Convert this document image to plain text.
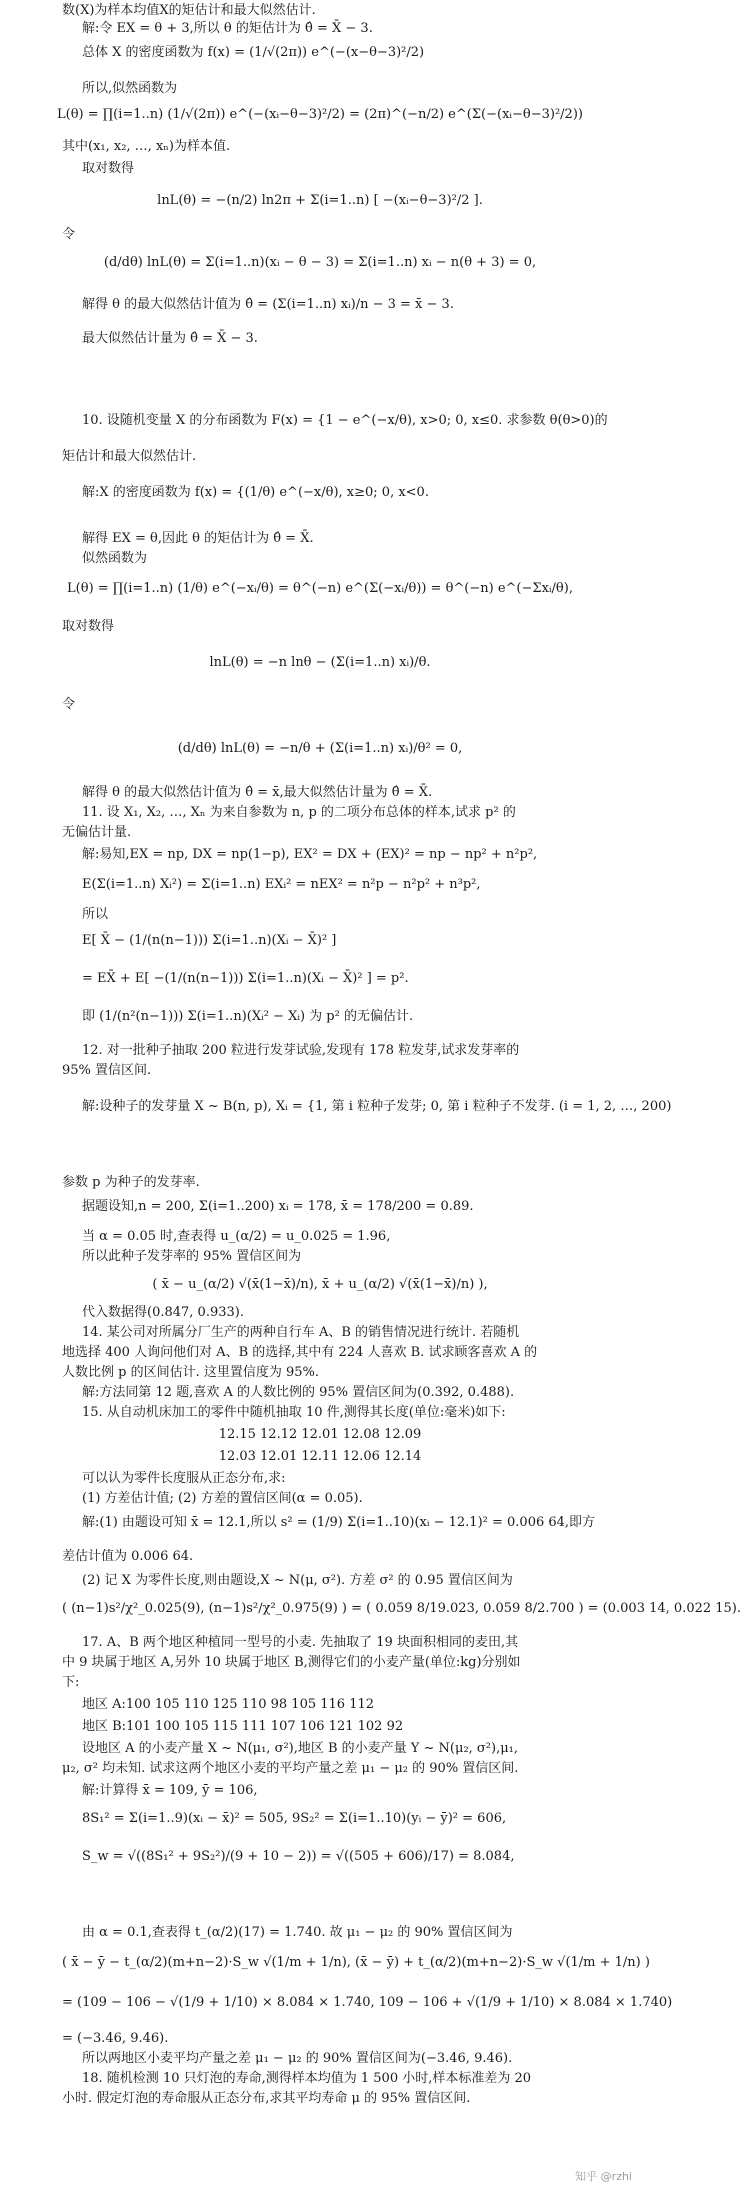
数(X)为样本均值X的矩估计和最大似然估计.
解:令 EX = θ + 3,所以 θ 的矩估计为 θ̂ = X̄ − 3.
总体 X 的密度函数为 f(x) = (1/√(2π)) e^(−(x−θ−3)²/2)
所以,似然函数为
L(θ) = ∏(i=1..n) (1/√(2π)) e^(−(xᵢ−θ−3)²/2) = (2π)^(−n/2) e^(Σ(−(xᵢ−θ−3)²/2))
其中(x₁, x₂, …, xₙ)为样本值.
取对数得
lnL(θ) = −(n/2) ln2π + Σ(i=1..n) [ −(xᵢ−θ−3)²/2 ].
令
(d/dθ) lnL(θ) = Σ(i=1..n)(xᵢ − θ − 3) = Σ(i=1..n) xᵢ − n(θ + 3) = 0,
解得 θ 的最大似然估计值为 θ̂ = (Σ(i=1..n) xᵢ)/n − 3 = x̄ − 3.
最大似然估计量为 θ̂ = X̄ − 3.
10. 设随机变量 X 的分布函数为 F(x) = {1 − e^(−x/θ), x>0; 0, x≤0. 求参数 θ(θ>0)的
矩估计和最大似然估计.
解:X 的密度函数为 f(x) = {(1/θ) e^(−x/θ), x≥0; 0, x<0.
解得 EX = θ,因此 θ 的矩估计为 θ̂ = X̄.
似然函数为
L(θ) = ∏(i=1..n) (1/θ) e^(−xᵢ/θ) = θ^(−n) e^(Σ(−xᵢ/θ)) = θ^(−n) e^(−Σxᵢ/θ),
取对数得
lnL(θ) = −n lnθ − (Σ(i=1..n) xᵢ)/θ.
令
(d/dθ) lnL(θ) = −n/θ + (Σ(i=1..n) xᵢ)/θ² = 0,
解得 θ 的最大似然估计值为 θ̂ = x̄,最大似然估计量为 θ̂ = X̄.
11. 设 X₁, X₂, …, Xₙ 为来自参数为 n, p 的二项分布总体的样本,试求 p² 的
无偏估计量.
解:易知,EX = np, DX = np(1−p), EX² = DX + (EX)² = np − np² + n²p²,
E(Σ(i=1..n) Xᵢ²) = Σ(i=1..n) EXᵢ² = nEX² = n²p − n²p² + n³p²,
所以
E[ X̄ − (1/(n(n−1))) Σ(i=1..n)(Xᵢ − X̄)² ]
= EX̄ + E[ −(1/(n(n−1))) Σ(i=1..n)(Xᵢ − X̄)² ] = p².
即 (1/(n²(n−1))) Σ(i=1..n)(Xᵢ² − Xᵢ) 为 p² 的无偏估计.
12. 对一批种子抽取 200 粒进行发芽试验,发现有 178 粒发芽,试求发芽率的
95% 置信区间.
解:设种子的发芽量 X ~ B(n, p), Xᵢ = {1, 第 i 粒种子发芽; 0, 第 i 粒种子不发芽. (i = 1, 2, …, 200)
参数 p 为种子的发芽率.
据题设知,n = 200, Σ(i=1..200) xᵢ = 178, x̄ = 178/200 = 0.89.
当 α = 0.05 时,查表得 u_(α/2) = u_0.025 = 1.96,
所以此种子发芽率的 95% 置信区间为
( x̄ − u_(α/2) √(x̄(1−x̄)/n), x̄ + u_(α/2) √(x̄(1−x̄)/n) ),
代入数据得(0.847, 0.933).
14. 某公司对所属分厂生产的两种自行车 A、B 的销售情况进行统计. 若随机
地选择 400 人询问他们对 A、B 的选择,其中有 224 人喜欢 B. 试求顾客喜欢 A 的
人数比例 p 的区间估计. 这里置信度为 95%.
解:方法同第 12 题,喜欢 A 的人数比例的 95% 置信区间为(0.392, 0.488).
15. 从自动机床加工的零件中随机抽取 10 件,测得其长度(单位:毫米)如下:
12.15 12.12 12.01 12.08 12.09
12.03 12.01 12.11 12.06 12.14
可以认为零件长度服从正态分布,求:
(1) 方差估计值; (2) 方差的置信区间(α = 0.05).
解:(1) 由题设可知 x̄ = 12.1,所以 s² = (1/9) Σ(i=1..10)(xᵢ − 12.1)² = 0.006 64,即方
差估计值为 0.006 64.
(2) 记 X 为零件长度,则由题设,X ~ N(μ, σ²). 方差 σ² 的 0.95 置信区间为
( (n−1)s²/χ²_0.025(9), (n−1)s²/χ²_0.975(9) ) = ( 0.059 8/19.023, 0.059 8/2.700 ) = (0.003 14, 0.022 15).
17. A、B 两个地区种植同一型号的小麦. 先抽取了 19 块面积相同的麦田,其
中 9 块属于地区 A,另外 10 块属于地区 B,测得它们的小麦产量(单位:kg)分别如
下:
地区 A:100 105 110 125 110 98 105 116 112
地区 B:101 100 105 115 111 107 106 121 102 92
设地区 A 的小麦产量 X ~ N(μ₁, σ²),地区 B 的小麦产量 Y ~ N(μ₂, σ²),μ₁,
μ₂, σ² 均未知. 试求这两个地区小麦的平均产量之差 μ₁ − μ₂ 的 90% 置信区间.
解:计算得 x̄ = 109, ȳ = 106,
8S₁² = Σ(i=1..9)(xᵢ − x̄)² = 505, 9S₂² = Σ(i=1..10)(yᵢ − ȳ)² = 606,
S_w = √((8S₁² + 9S₂²)/(9 + 10 − 2)) = √((505 + 606)/17) = 8.084,
由 α = 0.1,查表得 t_(α/2)(17) = 1.740. 故 μ₁ − μ₂ 的 90% 置信区间为
( x̄ − ȳ − t_(α/2)(m+n−2)·S_w √(1/m + 1/n), (x̄ − ȳ) + t_(α/2)(m+n−2)·S_w √(1/m + 1/n) )
= (109 − 106 − √(1/9 + 1/10) × 8.084 × 1.740, 109 − 106 + √(1/9 + 1/10) × 8.084 × 1.740)
= (−3.46, 9.46).
所以两地区小麦平均产量之差 μ₁ − μ₂ 的 90% 置信区间为(−3.46, 9.46).
18. 随机检测 10 只灯泡的寿命,测得样本均值为 1 500 小时,样本标准差为 20
小时. 假定灯泡的寿命服从正态分布,求其平均寿命 μ 的 95% 置信区间.
知乎 @rzhi
